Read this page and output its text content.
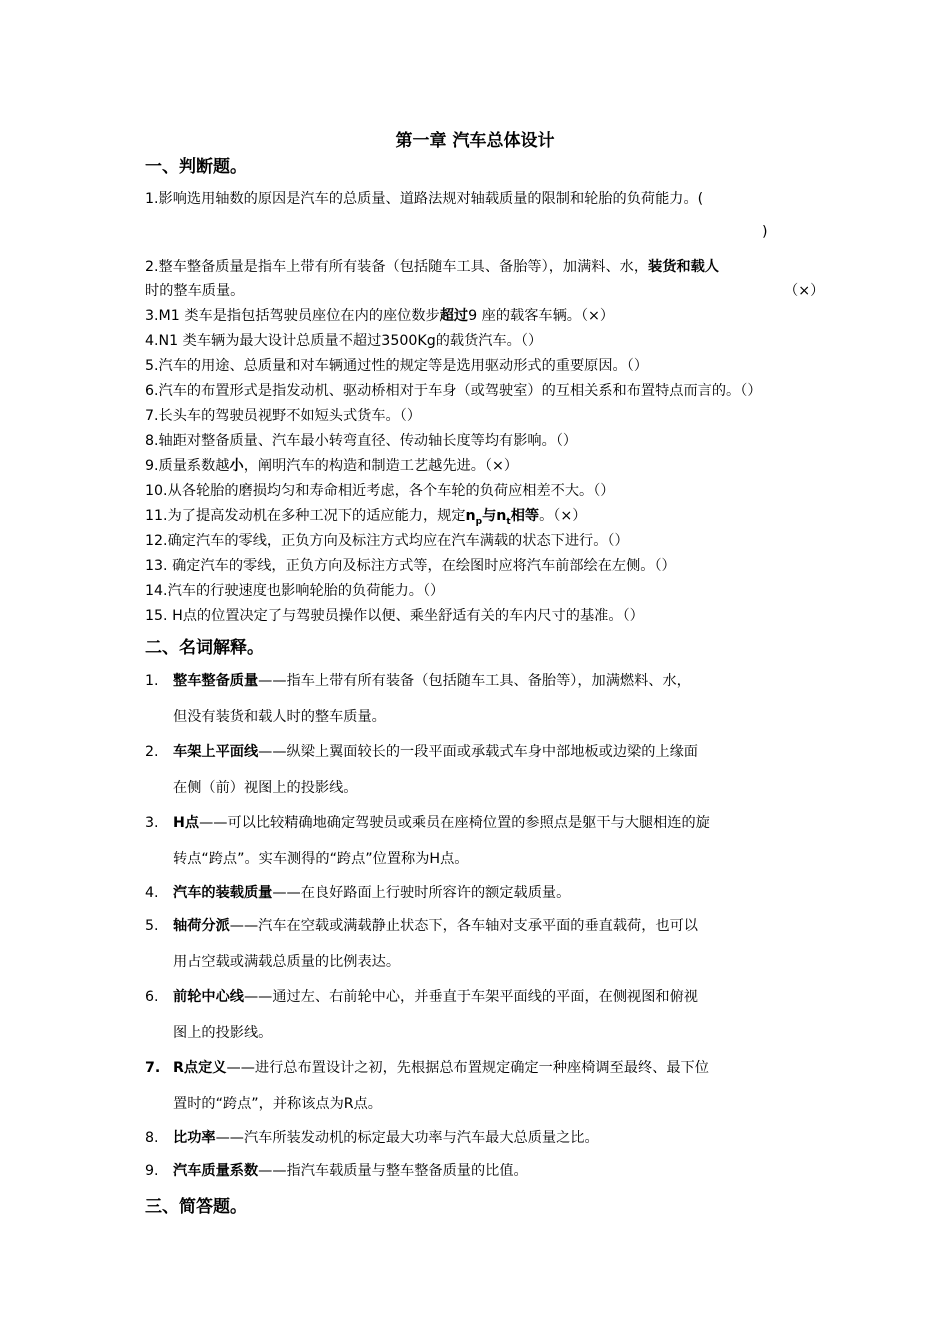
第一章 汽车总体设计
一、判断题。
1.影响选用轴数的原因是汽车的总质量、道路法规对轴载质量的限制和轮胎的负荷能力。(
)
2.整车整备质量是指车上带有所有装备（包括随车工具、备胎等），加满料、水，装货和载人
时的整车质量。	（×）
3.M1 类车是指包括驾驶员座位在内的座位数步超过9 座的载客车辆。（×）
4.N1 类车辆为最大设计总质量不超过3500Kg的载货汽车。（）
5.汽车的用途、总质量和对车辆通过性的规定等是选用驱动形式的重要原因。（）
6.汽车的布置形式是指发动机、驱动桥相对于车身（或驾驶室）的互相关系和布置特点而言的。（）
7.长头车的驾驶员视野不如短头式货车。（）
8.轴距对整备质量、汽车最小转弯直径、传动轴长度等均有影响。（）
9.质量系数越小，阐明汽车的构造和制造工艺越先进。（×）
10.从各轮胎的磨损均匀和寿命相近考虑，各个车轮的负荷应相差不大。（）
11.为了提高发动机在多种工况下的适应能力，规定$n_p$与$n_t$相等。（×）
12.确定汽车的零线，正负方向及标注方式均应在汽车满载的状态下进行。（）
13. 确定汽车的零线，正负方向及标注方式等，在绘图时应将汽车前部绘在左侧。（）
14.汽车的行驶速度也影响轮胎的负荷能力。（）
15. H点的位置决定了与驾驶员操作以便、乘坐舒适有关的车内尺寸的基准。（）
二、名词解释。
1. 整车整备质量——指车上带有所有装备（包括随车工具、备胎等），加满燃料、水，
但没有装货和载人时的整车质量。
2. 车架上平面线——纵梁上翼面较长的一段平面或承载式车身中部地板或边梁的上缘面
在侧（前）视图上的投影线。
3. H点——可以比较精确地确定驾驶员或乘员在座椅位置的参照点是躯干与大腿相连的旋
转点“跨点”。实车测得的“跨点”位置称为H点。
4. 汽车的装载质量——在良好路面上行驶时所容许的额定载质量。
5. 轴荷分派——汽车在空载或满载静止状态下，各车轴对支承平面的垂直载荷，也可以
用占空载或满载总质量的比例表达。
6. 前轮中心线——通过左、右前轮中心，并垂直于车架平面线的平面，在侧视图和俯视
图上的投影线。
7. R点定义——进行总布置设计之初，先根据总布置规定确定一种座椅调至最终、最下位
置时的“跨点”，并称该点为R点。
8. 比功率——汽车所装发动机的标定最大功率与汽车最大总质量之比。
9. 汽车质量系数——指汽车载质量与整车整备质量的比值。
三、简答题。
